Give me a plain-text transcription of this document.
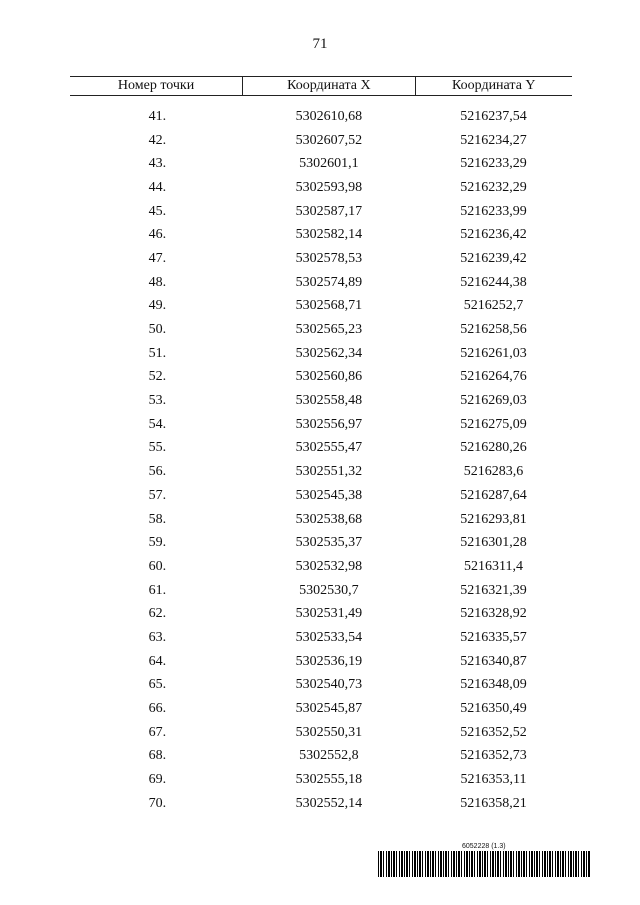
71
Номер точки	Координата X	Координата Y

41.	5302610,68	5216237,54
42.	5302607,52	5216234,27
43.	5302601,1	5216233,29
44.	5302593,98	5216232,29
45.	5302587,17	5216233,99
46.	5302582,14	5216236,42
47.	5302578,53	5216239,42
48.	5302574,89	5216244,38
49.	5302568,71	5216252,7
50.	5302565,23	5216258,56
51.	5302562,34	5216261,03
52.	5302560,86	5216264,76
53.	5302558,48	5216269,03
54.	5302556,97	5216275,09
55.	5302555,47	5216280,26
56.	5302551,32	5216283,6
57.	5302545,38	5216287,64
58.	5302538,68	5216293,81
59.	5302535,37	5216301,28
60.	5302532,98	5216311,4
61.	5302530,7	5216321,39
62.	5302531,49	5216328,92
63.	5302533,54	5216335,57
64.	5302536,19	5216340,87
65.	5302540,73	5216348,09
66.	5302545,87	5216350,49
67.	5302550,31	5216352,52
68.	5302552,8	5216352,73
69.	5302555,18	5216353,11
70.	5302552,14	5216358,21
6052228 (1.3)
